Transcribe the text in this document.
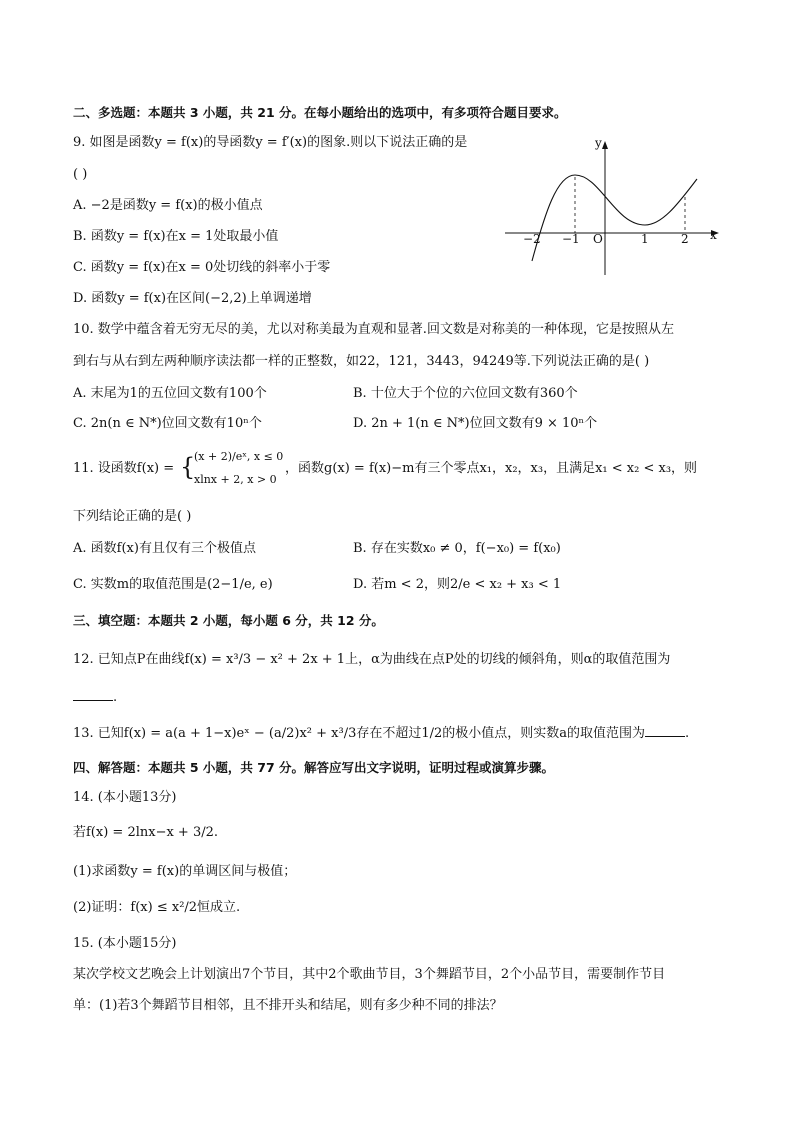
二、多选题：本题共 3 小题，共 21 分。在每小题给出的选项中，有多项符合题目要求。
9. 如图是函数y = f(x)的导函数y = f′(x)的图象.则以下说法正确的是
( )
A. −2是函数y = f(x)的极小值点
B. 函数y = f(x)在x = 1处取最小值
C. 函数y = f(x)在x = 0处切线的斜率小于零
D. 函数y = f(x)在区间(−2,2)上单调递增
y
x
O
−2 −1	1	2
10. 数学中蕴含着无穷无尽的美，尤以对称美最为直观和显著.回文数是对称美的一种体现，它是按照从左
到右与从右到左两种顺序读法都一样的正整数，如22，121，3443，94249等.下列说法正确的是( )
A. 末尾为1的五位回文数有100个	B. 十位大于个位的六位回文数有360个
C. 2n(n ∈ N*)位回文数有10ⁿ个	D. 2n + 1(n ∈ N*)位回文数有9 × 10ⁿ个
11. 设函数f(x) = {
(x + 2)/eˣ, x ≤ 0
xlnx + 2, x > 0
，函数g(x) = f(x)−m有三个零点x₁，x₂，x₃，且满足x₁ < x₂ < x₃，则
下列结论正确的是( )
A. 函数f(x)有且仅有三个极值点	B. 存在实数x₀ ≠ 0，f(−x₀) = f(x₀)
C. 实数m的取值范围是(2−1/e, e)	D. 若m < 2，则2/e < x₂ + x₃ < 1
三、填空题：本题共 2 小题，每小题 6 分，共 12 分。
12. 已知点P在曲线f(x) = x³/3 − x² + 2x + 1上，α为曲线在点P处的切线的倾斜角，则α的取值范围为
.
13. 已知f(x) = a(a + 1−x)eˣ − (a/2)x² + x³/3存在不超过1/2的极小值点，则实数a的取值范围为	.
四、解答题：本题共 5 小题，共 77 分。解答应写出文字说明，证明过程或演算步骤。
14. (本小题13分)
若f(x) = 2lnx−x + 3/2.
(1)求函数y = f(x)的单调区间与极值；
(2)证明：f(x) ≤ x²/2恒成立.
15. (本小题15分)
某次学校文艺晚会上计划演出7个节目，其中2个歌曲节目，3个舞蹈节目，2个小品节目，需要制作节目
单：(1)若3个舞蹈节目相邻，且不排开头和结尾，则有多少种不同的排法？
